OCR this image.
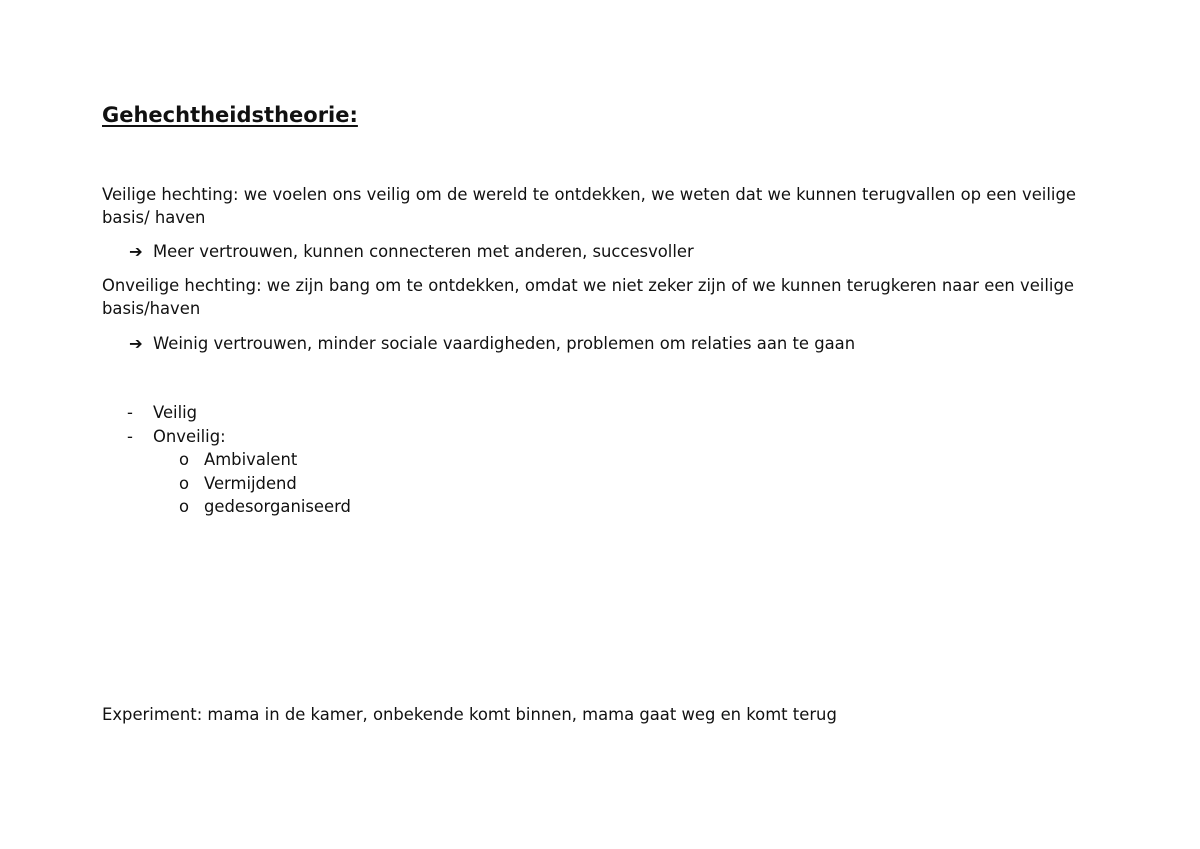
Gehechtheidstheorie:

Veilige hechting: we voelen ons veilig om de wereld te ontdekken, we weten dat we kunnen terugvallen op een veilige basis/ haven

➔ Meer vertrouwen, kunnen connecteren met anderen, succesvoller

Onveilige hechting: we zijn bang om te ontdekken, omdat we niet zeker zijn of we kunnen terugkeren naar een veilige basis/haven

➔ Weinig vertrouwen, minder sociale vaardigheden, problemen om relaties aan te gaan
- Veilig
- Onveilig:
o Ambivalent
o Vermijdend
o gedesorganiseerd

Experiment: mama in de kamer, onbekende komt binnen, mama gaat weg en komt terug
